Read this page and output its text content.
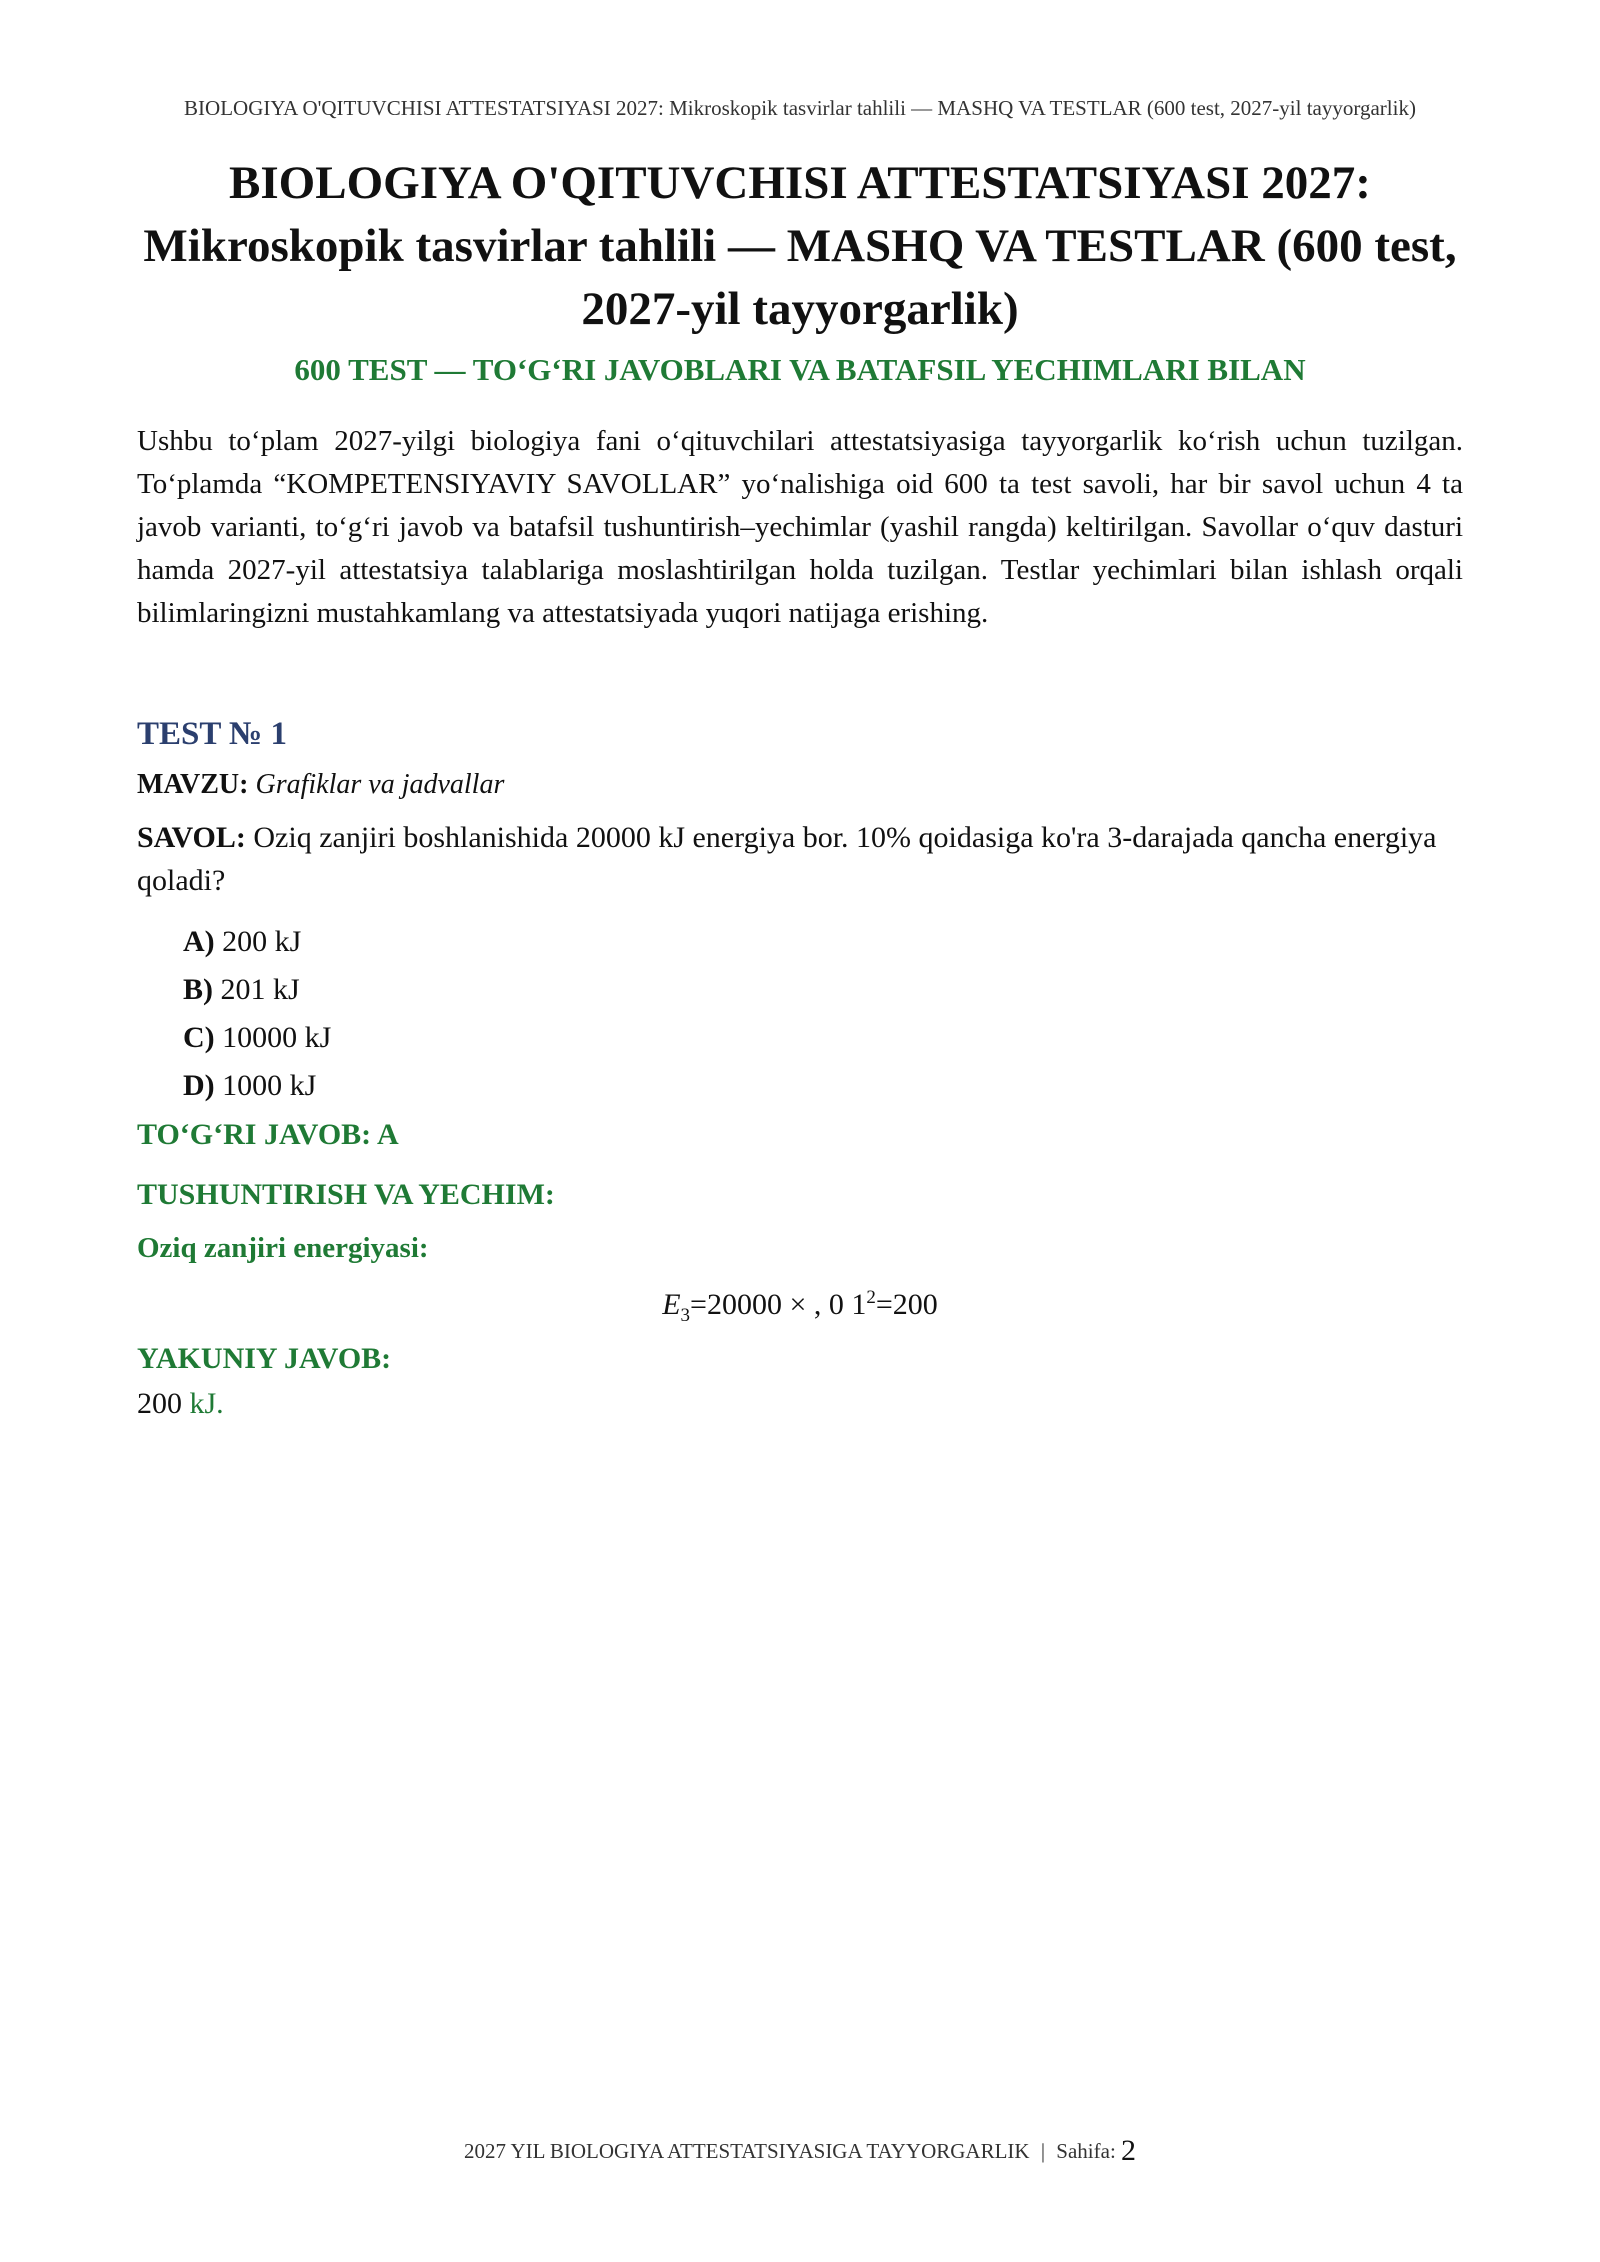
BIOLOGIYA O'QITUVCHISI ATTESTATSIYASI 2027: Mikroskopik tasvirlar tahlili — MASHQ VA TESTLAR (600 test, 2027-yil tayyorgarlik)
BIOLOGIYA O'QITUVCHISI ATTESTATSIYASI 2027: Mikroskopik tasvirlar tahlili — MASHQ VA TESTLAR (600 test, 2027-yil tayyorgarlik)
600 TEST — TO‘G‘RI JAVOBLARI VA BATAFSIL YECHIMLARI BILAN
Ushbu to‘plam 2027-yilgi biologiya fani o‘qituvchilari attestatsiyasiga tayyorgarlik ko‘rish uchun tuzilgan. To‘plamda “KOMPETENSIYAVIY SAVOLLAR” yo‘nalishiga oid 600 ta test savoli, har bir savol uchun 4 ta javob varianti, to‘g‘ri javob va batafsil tushuntirish–yechimlar (yashil rangda) keltirilgan. Savollar o‘quv dasturi hamda 2027-yil attestatsiya talablariga moslashtirilgan holda tuzilgan. Testlar yechimlari bilan ishlash orqali bilimlaringizni mustahkamlang va attestatsiyada yuqori natijaga erishing.
TEST № 1
MAVZU: Grafiklar va jadvallar
SAVOL: Oziq zanjiri boshlanishida 20000 kJ energiya bor. 10% qoidasiga ko'ra 3-darajada qancha energiya qoladi?
A) 200 kJ
B) 201 kJ
C) 10000 kJ
D) 1000 kJ
TO‘G‘RI JAVOB: A
TUSHUNTIRISH VA YECHIM:
Oziq zanjiri energiyasi:
$E_3=20000$ × , 0 $1^2=200$
YAKUNIY JAVOB:
200 kJ.
2027 YIL BIOLOGIYA ATTESTATSIYASIGA TAYYORGARLIK | Sahifa: 2
